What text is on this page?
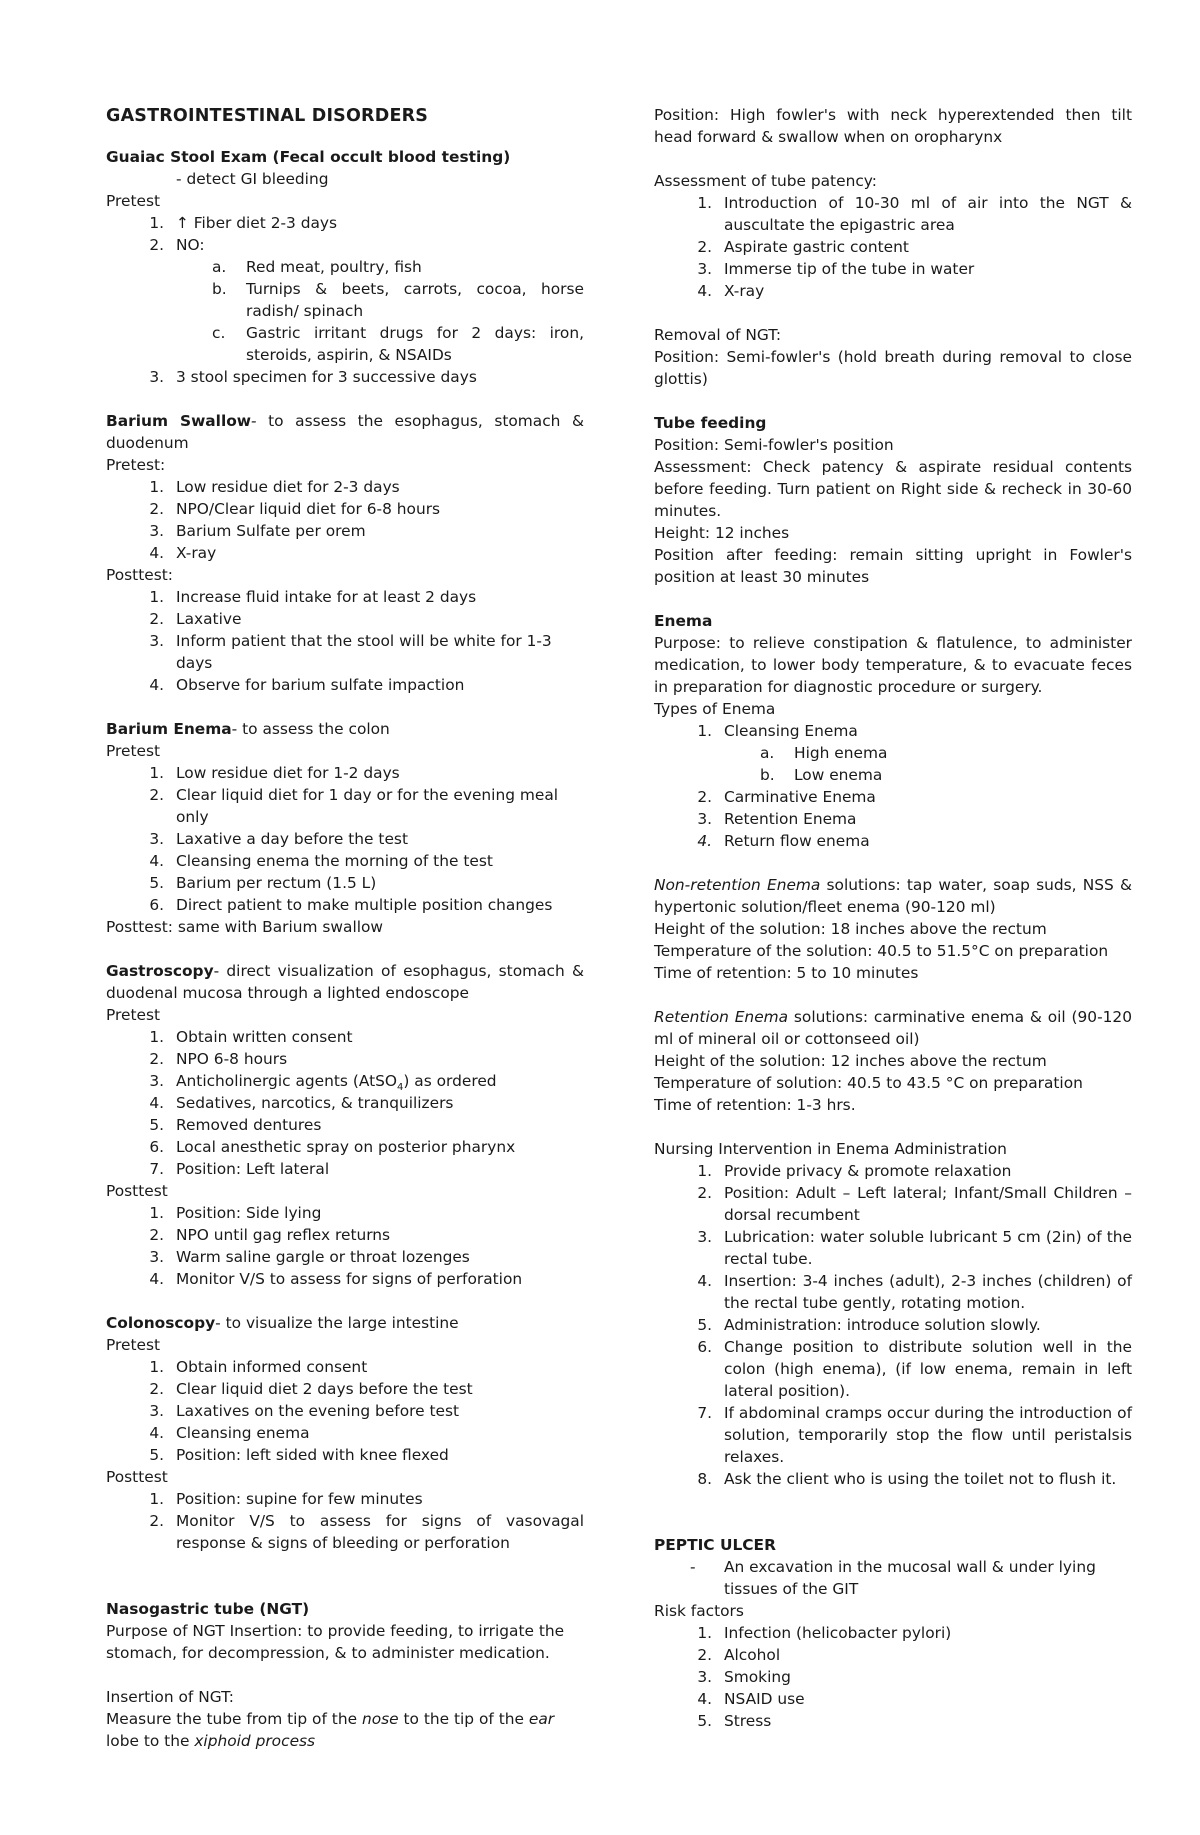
GASTROINTESTINAL DISORDERS

Guaiac Stool Exam (Fecal occult blood testing)

- detect GI bleeding

Pretest

1. ↑ Fiber diet 2-3 days
2. NO:
a.	Red meat, poultry, fish
b.	Turnips & beets, carrots, cocoa, horse radish/ spinach
c.	Gastric irritant drugs for 2 days: iron, steroids, aspirin, & NSAIDs
3. 3 stool specimen for 3 successive days

Barium Swallow- to assess the esophagus, stomach & duodenum

Pretest:

1. Low residue diet for 2-3 days
2. NPO/Clear liquid diet for 6-8 hours
3. Barium Sulfate per orem
4. X-ray

Posttest:

1. Increase fluid intake for at least 2 days
2. Laxative
3. Inform patient that the stool will be white for 1-3 days
4. Observe for barium sulfate impaction

Barium Enema- to assess the colon

Pretest

1. Low residue diet for 1-2 days
2. Clear liquid diet for 1 day or for the evening meal only
3. Laxative a day before the test
4. Cleansing enema the morning of the test
5. Barium per rectum (1.5 L)
6. Direct patient to make multiple position changes

Posttest: same with Barium swallow

Gastroscopy- direct visualization of esophagus, stomach & duodenal mucosa through a lighted endoscope

Pretest

1. Obtain written consent
2. NPO 6-8 hours
3. Anticholinergic agents (AtSO$_4$) as ordered
4. Sedatives, narcotics, & tranquilizers
5. Removed dentures
6. Local anesthetic spray on posterior pharynx
7. Position: Left lateral

Posttest

1. Position: Side lying
2. NPO until gag reflex returns
3. Warm saline gargle or throat lozenges
4. Monitor V/S to assess for signs of perforation

Colonoscopy- to visualize the large intestine

Pretest

1. Obtain informed consent
2. Clear liquid diet 2 days before the test
3. Laxatives on the evening before test
4. Cleansing enema
5. Position: left sided with knee flexed

Posttest

1. Position: supine for few minutes
2. Monitor V/S to assess for signs of vasovagal response & signs of bleeding or perforation

Nasogastric tube (NGT)

Purpose of NGT Insertion: to provide feeding, to irrigate the stomach, for decompression, & to administer medication.

Insertion of NGT:

Measure the tube from tip of the nose to the tip of the ear lobe to the xiphoid process

Position: High fowler's with neck hyperextended then tilt head forward & swallow when on oropharynx

Assessment of tube patency:

1. Introduction of 10-30 ml of air into the NGT & auscultate the epigastric area
2. Aspirate gastric content
3. Immerse tip of the tube in water
4. X-ray

Removal of NGT:

Position: Semi-fowler's (hold breath during removal to close glottis)

Tube feeding

Position: Semi-fowler's position

Assessment: Check patency & aspirate residual contents before feeding. Turn patient on Right side & recheck in 30-60 minutes.

Height: 12 inches

Position after feeding: remain sitting upright in Fowler's position at least 30 minutes

Enema

Purpose: to relieve constipation & flatulence, to administer medication, to lower body temperature, & to evacuate feces in preparation for diagnostic procedure or surgery.

Types of Enema

1. Cleansing Enema
a.	High enema
b.	Low enema
2. Carminative Enema
3. Retention Enema
4. Return flow enema

Non-retention Enema solutions: tap water, soap suds, NSS & hypertonic solution/fleet enema (90-120 ml)

Height of the solution: 18 inches above the rectum

Temperature of the solution: 40.5 to 51.5°C on preparation

Time of retention: 5 to 10 minutes

Retention Enema solutions: carminative enema & oil (90-120 ml of mineral oil or cottonseed oil)

Height of the solution: 12 inches above the rectum

Temperature of solution: 40.5 to 43.5 °C on preparation

Time of retention: 1-3 hrs.

Nursing Intervention in Enema Administration

1. Provide privacy & promote relaxation
2. Position: Adult – Left lateral; Infant/Small Children – dorsal recumbent
3. Lubrication: water soluble lubricant 5 cm (2in) of the rectal tube.
4. Insertion: 3-4 inches (adult), 2-3 inches (children) of the rectal tube gently, rotating motion.
5. Administration: introduce solution slowly.
6. Change position to distribute solution well in the colon (high enema), (if low enema, remain in left lateral position).
7. If abdominal cramps occur during the introduction of solution, temporarily stop the flow until peristalsis relaxes.
8. Ask the client who is using the toilet not to flush it.

PEPTIC ULCER

- An excavation in the mucosal wall & under lying tissues of the GIT

Risk factors

1. Infection (helicobacter pylori)
2. Alcohol
3. Smoking
4. NSAID use
5. Stress
